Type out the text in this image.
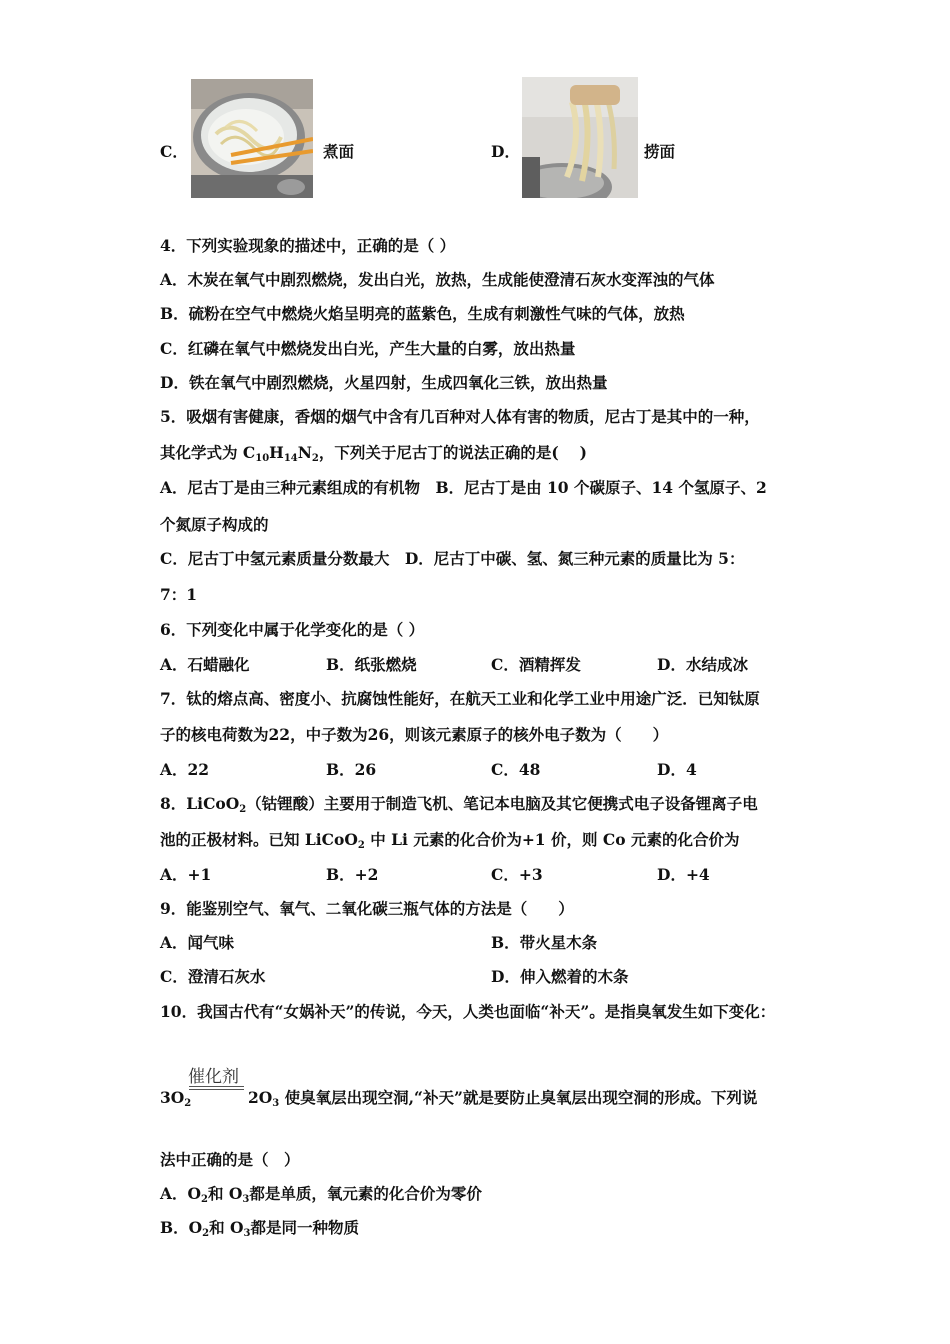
C．	煮面	D．	捞面
4．下列实验现象的描述中，正确的是（ ）
A．木炭在氧气中剧烈燃烧，发出白光，放热，生成能使澄清石灰水变浑浊的气体
B．硫粉在空气中燃烧火焰呈明亮的蓝紫色，生成有刺激性气味的气体，放热
C．红磷在氧气中燃烧发出白光，产生大量的白雾，放出热量
D．铁在氧气中剧烈燃烧，火星四射，生成四氧化三铁，放出热量
5．吸烟有害健康，香烟的烟气中含有几百种对人体有害的物质，尼古丁是其中的一种，
其化学式为 $C_{10}H_{14}N_2$，下列关于尼古丁的说法正确的是(　 )
A．尼古丁是由三种元素组成的有机物　B．尼古丁是由 10 个碳原子、14 个氢原子、2
个氮原子构成的
C．尼古丁中氢元素质量分数最大　D．尼古丁中碳、氢、氮三种元素的质量比为 5：
7：1
6．下列变化中属于化学变化的是（ ）
A．石蜡融化	B．纸张燃烧	C．酒精挥发	D．水结成冰
7．钛的熔点高、密度小、抗腐蚀性能好，在航天工业和化学工业中用途广泛．已知钛原
子的核电荷数为22，中子数为26，则该元素原子的核外电子数为（　　）
A．22	B．26	C．48	D．4
8．LiCoO$_2$（钴锂酸）主要用于制造飞机、笔记本电脑及其它便携式电子设备锂离子电
池的正极材料。已知 LiCoO$_2$ 中 Li 元素的化合价为+1 价，则 Co 元素的化合价为
A．+1	B．+2	C．+3	D．+4
9．能鉴别空气、氧气、二氧化碳三瓶气体的方法是（　　）
A．闻气味	B．带火星木条
C．澄清石灰水	D．伸入燃着的木条
10．我国古代有“女娲补天”的传说，今天，人类也面临“补天”。是指臭氧发生如下变化：
催化剂
$3O_2$	$2O_3$ 使臭氧层出现空洞,“补天”就是要防止臭氧层出现空洞的形成。下列说
法中正确的是（　）
A．$O_2$和 $O_3$都是单质，氧元素的化合价为零价
B．$O_2$和 $O_3$都是同一种物质
